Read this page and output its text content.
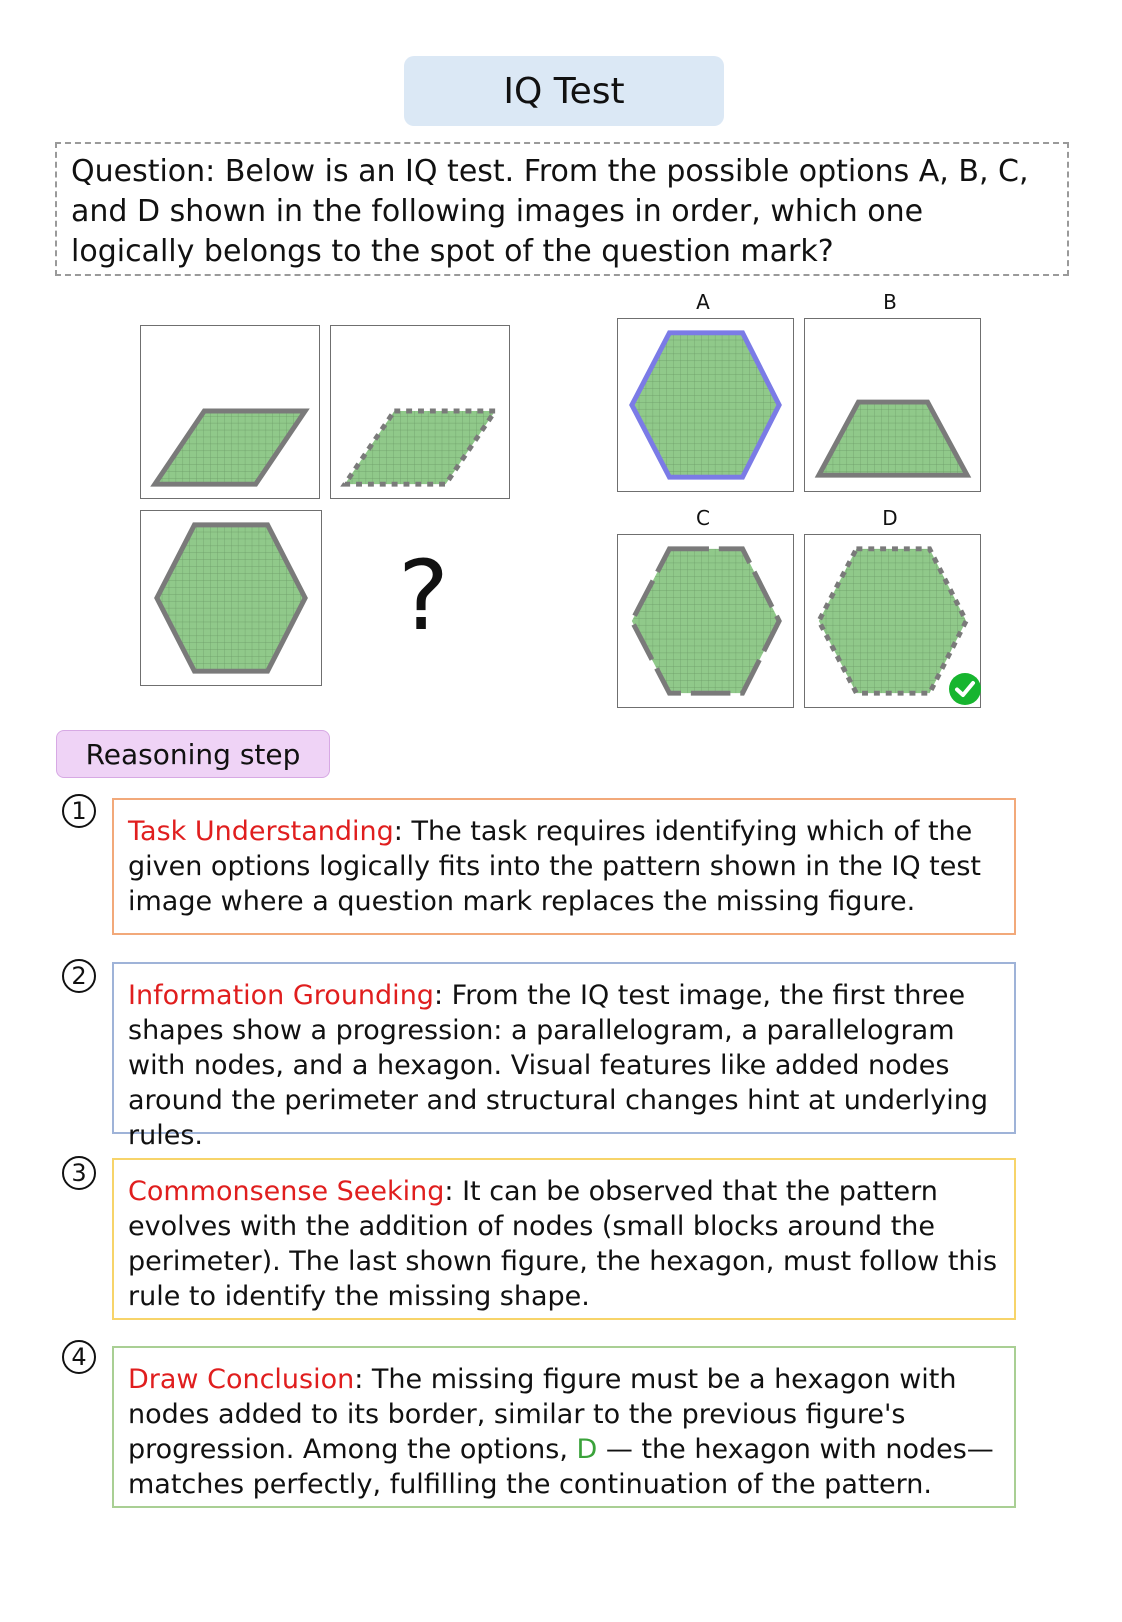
IQ Test
Question: Below is an IQ test. From the possible options A, B, C, and D shown in the following images in order, which one logically belongs to the spot of the question mark?
?
A	B
C	D
Reasoning step
1
Task Understanding: The task requires identifying which of the given options logically fits into the pattern shown in the IQ test image where a question mark replaces the missing figure.
2
Information Grounding: From the IQ test image, the first three shapes show a progression: a parallelogram, a parallelogram with nodes, and a hexagon. Visual features like added nodes around the perimeter and structural changes hint at underlying rules.
3
Commonsense Seeking: It can be observed that the pattern evolves with the addition of nodes (small blocks around the perimeter). The last shown figure, the hexagon, must follow this rule to identify the missing shape.
4
Draw Conclusion: The missing figure must be a hexagon with nodes added to its border, similar to the previous figure's progression. Among the options, D — the hexagon with nodes—matches perfectly, fulfilling the continuation of the pattern.
